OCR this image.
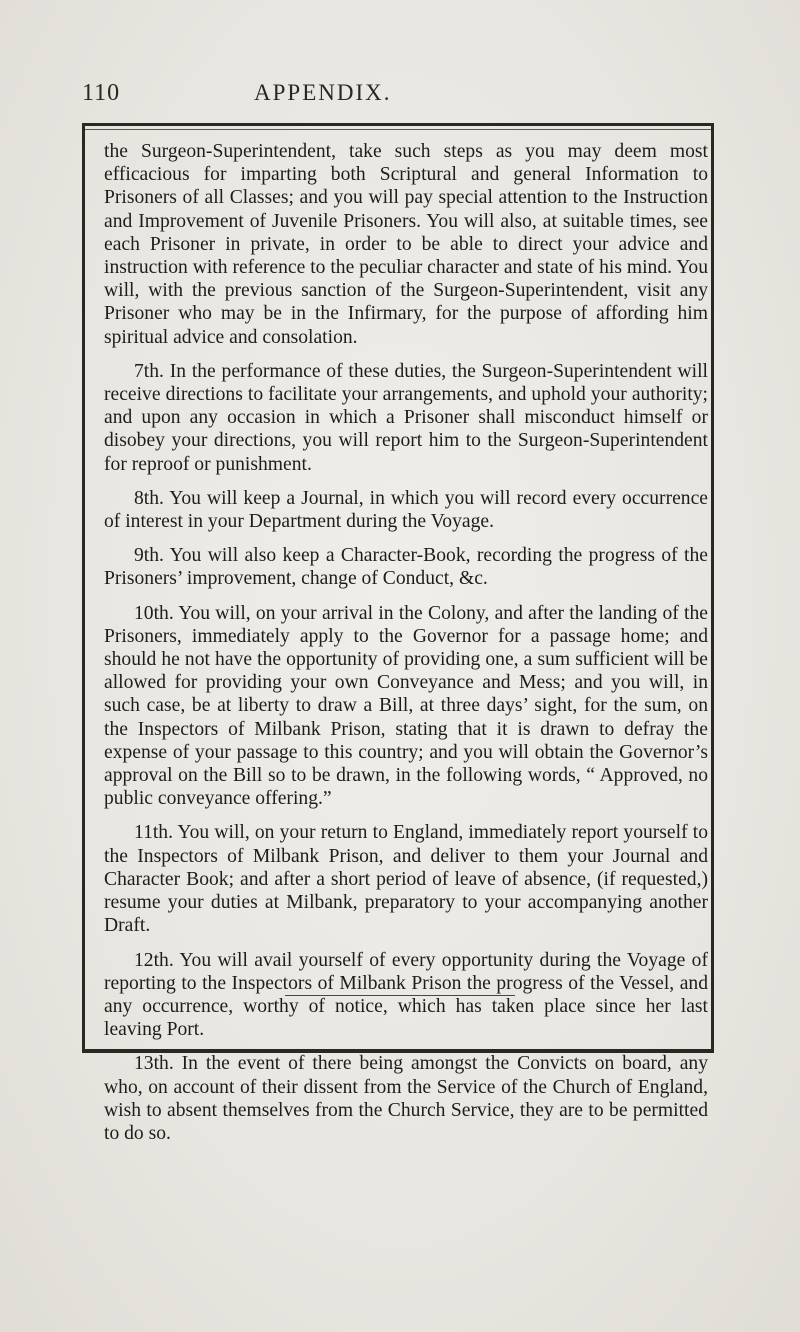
110	APPENDIX.

the Surgeon-Superintendent, take such steps as you may deem most efficacious for imparting both Scriptural and general Information to Prisoners of all Classes; and you will pay special attention to the Instruction and Improvement of Juvenile Prisoners. You will also, at suitable times, see each Prisoner in private, in order to be able to direct your advice and instruction with reference to the peculiar character and state of his mind. You will, with the previous sanction of the Surgeon-Superintendent, visit any Prisoner who may be in the Infirmary, for the purpose of affording him spiritual advice and consolation.

7th. In the performance of these duties, the Surgeon-Superintendent will receive directions to facilitate your arrangements, and uphold your authority; and upon any occasion in which a Prisoner shall misconduct himself or disobey your directions, you will report him to the Surgeon-Superintendent for reproof or punishment.

8th. You will keep a Journal, in which you will record every occurrence of interest in your Department during the Voyage.

9th. You will also keep a Character-Book, recording the progress of the Prisoners’ improvement, change of Conduct, &c.

10th. You will, on your arrival in the Colony, and after the landing of the Prisoners, immediately apply to the Governor for a passage home; and should he not have the opportunity of providing one, a sum sufficient will be allowed for providing your own Conveyance and Mess; and you will, in such case, be at liberty to draw a Bill, at three days’ sight, for the sum, on the Inspectors of Milbank Prison, stating that it is drawn to defray the expense of your passage to this country; and you will obtain the Governor’s approval on the Bill so to be drawn, in the following words, “ Approved, no public conveyance offering.”

11th. You will, on your return to England, immediately report yourself to the Inspectors of Milbank Prison, and deliver to them your Journal and Character Book; and after a short period of leave of absence, (if requested,) resume your duties at Milbank, preparatory to your accompanying another Draft.

12th. You will avail yourself of every opportunity during the Voyage of reporting to the Inspectors of Milbank Prison the progress of the Vessel, and any occurrence, worthy of notice, which has taken place since her last leaving Port.

13th. In the event of there being amongst the Convicts on board, any who, on account of their dissent from the Service of the Church of England, wish to absent themselves from the Church Service, they are to be permitted to do so.
